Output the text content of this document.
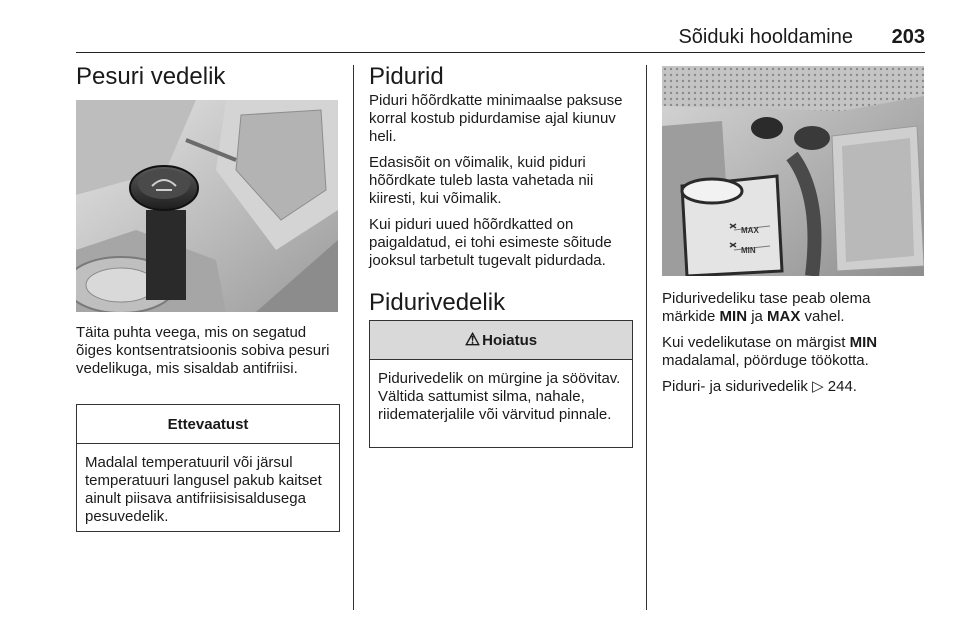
Sõiduki hooldamine 203
Pesuri vedelik

Täita puhta veega, mis on segatud õiges kontsentratsioonis sobiva pesuri vedelikuga, mis sisaldab antifriisi.

Ettevaatust
Madalal temperatuuril või järsul temperatuuri langusel pakub kaitset ainult piisava antifriisisisaldusega pesuvedelik.
Pidurid

Piduri hõõrdkatte minimaalse paksuse korral kostub pidurdamise ajal kiunuv heli.

Edasisõit on võimalik, kuid piduri hõõrdkate tuleb lasta vahetada nii kiiresti, kui võimalik.

Kui piduri uued hõõrdkatted on paigaldatud, ei tohi esimeste sõitude jooksul tarbetult tugevalt pidurdada.

Pidurivedelik
⚠ Hoiatus
Pidurivedelik on mürgine ja söövitav. Vältida sattumist silma, nahale, riidematerjalile või värvitud pinnale.
MAX
MIN

Pidurivedeliku tase peab olema märkide MIN ja MAX vahel.

Kui vedelikutase on märgist MIN madalamal, pöörduge töökotta.

Piduri- ja sidurivedelik ▷ 244.
